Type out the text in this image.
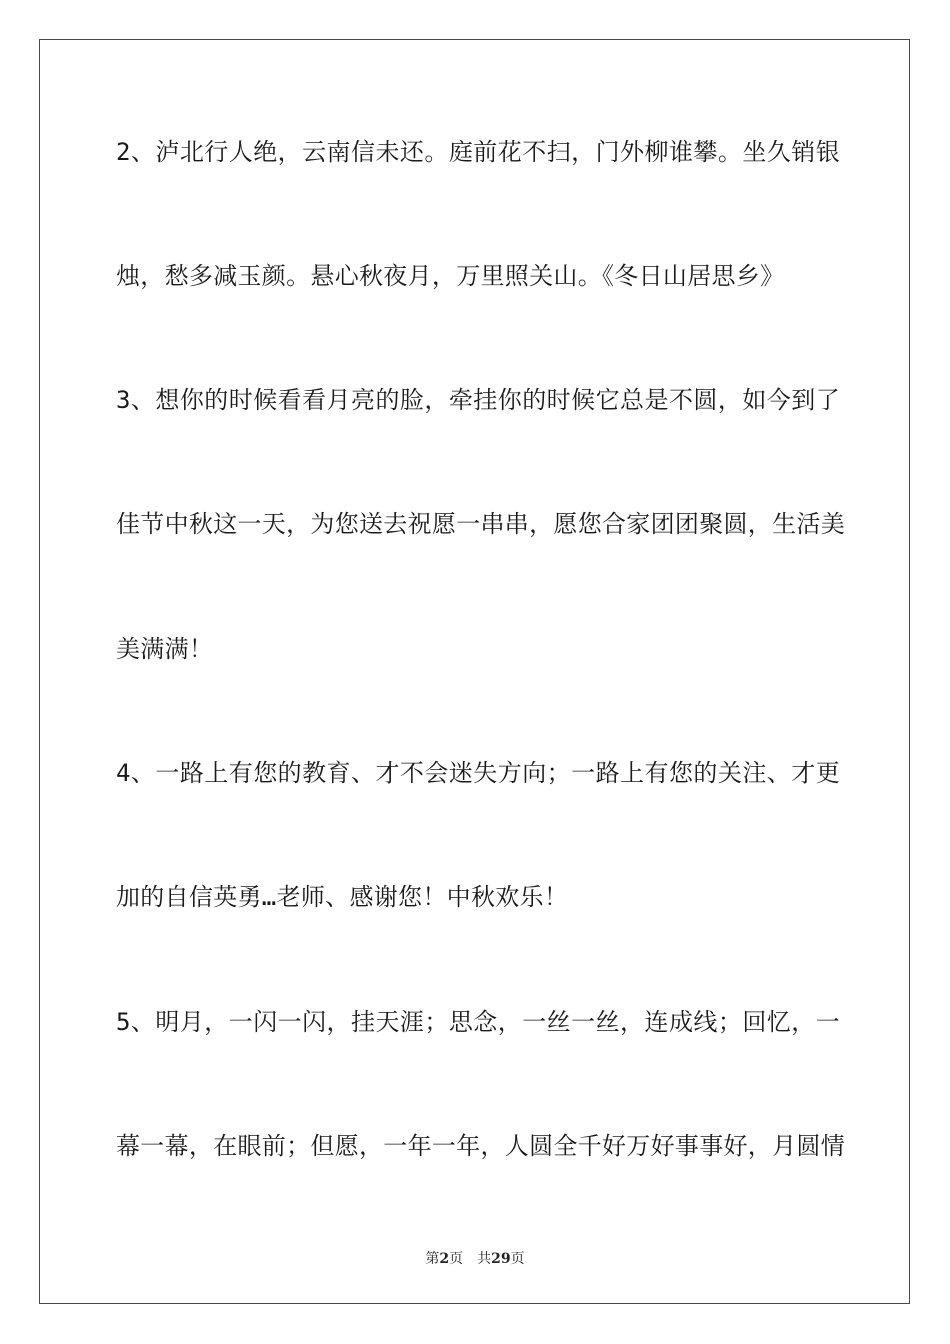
2、泸北行人绝，云南信未还。庭前花不扫，门外柳谁攀。坐久销银
烛，愁多减玉颜。悬心秋夜月，万里照关山。《冬日山居思乡》
3、想你的时候看看月亮的脸，牵挂你的时候它总是不圆，如今到了
佳节中秋这一天，为您送去祝愿一串串，愿您合家团团聚圆，生活美
美满满！
4、一路上有您的教育、才不会迷失方向；一路上有您的关注、才更
加的自信英勇…老师、感谢您！中秋欢乐！
5、明月，一闪一闪，挂天涯；思念，一丝一丝，连成线；回忆，一
幕一幕，在眼前；但愿，一年一年，人圆全千好万好事事好，月圆情
第2页 共29页
